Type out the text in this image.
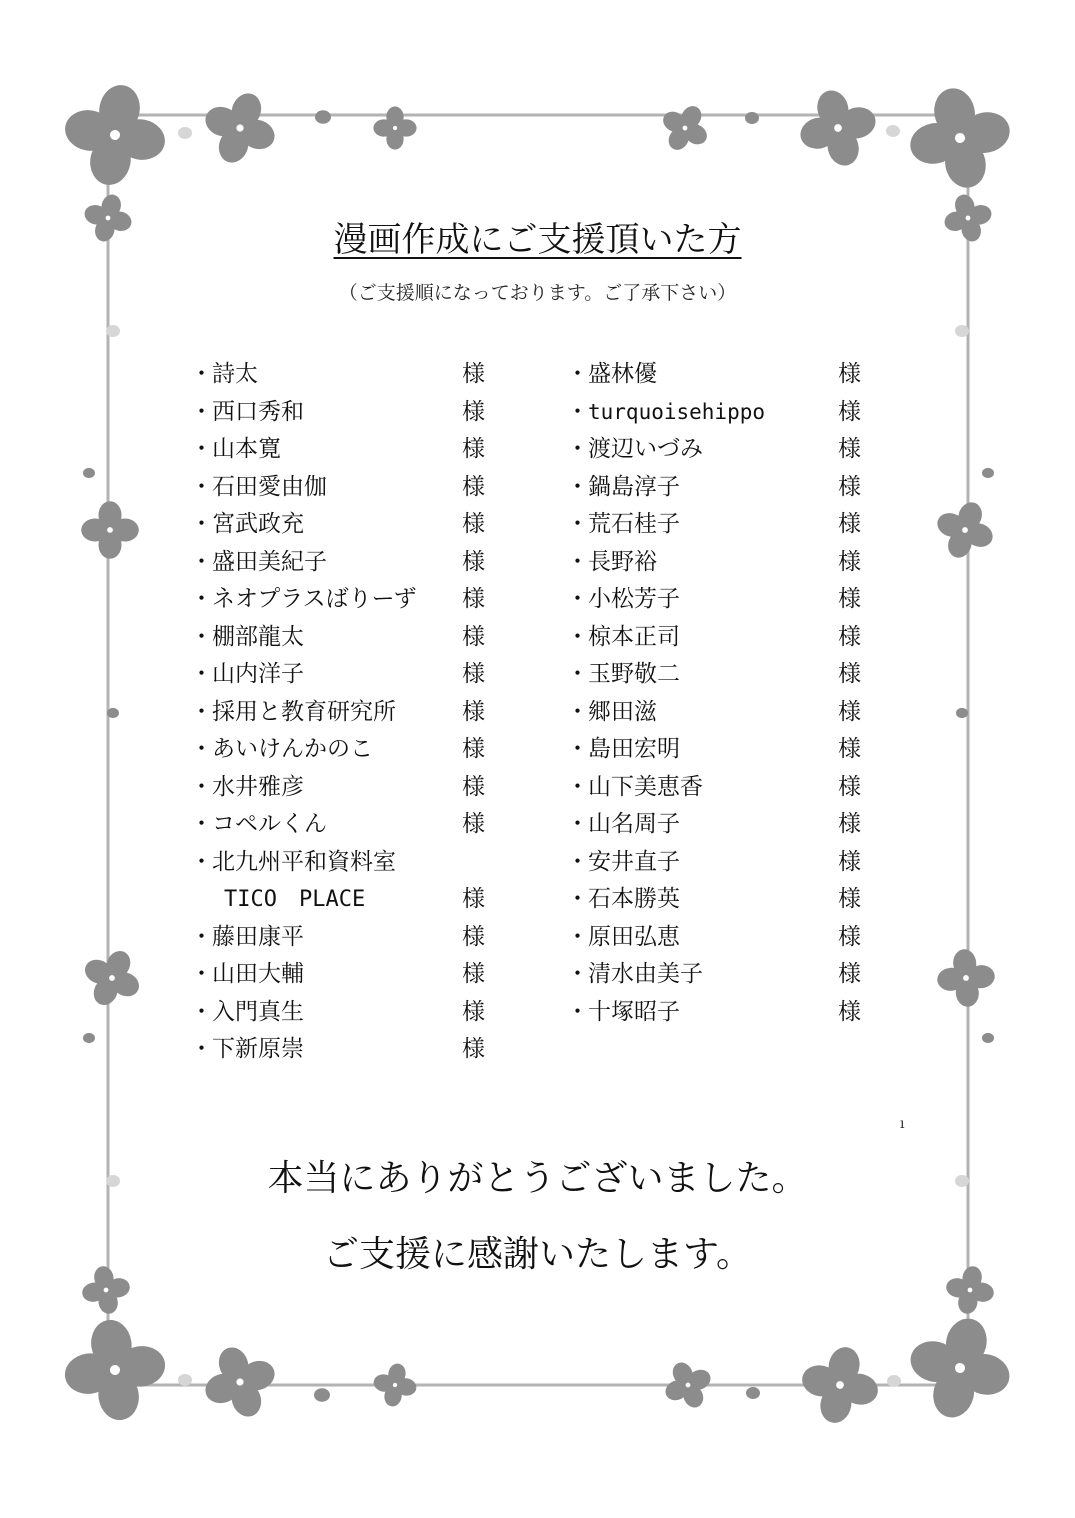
漫画作成にご支援頂いた方
（ご支援順になっております。ご了承下さい）
・ 詩太	様
・ 西口秀和	様
・ 山本寛	様
・ 石田愛由伽	様
・ 宮武政充	様
・ 盛田美紀子	様
・ ネオプラスばりーず 様
・ 棚部龍太	様
・ 山内洋子	様
・ 採用と教育研究所	様
・ あいけんかのこ	様
・ 水井雅彦	様
・ コペルくん	様
・ 北九州平和資料室
TICO　PLACE	様
・ 藤田康平	様
・ 山田大輔	様
・ 入門真生	様
・ 下新原崇	様
・ 盛林優	様
・ turquoisehippo	様
・ 渡辺いづみ	様
・ 鍋島淳子	様
・ 荒石桂子	様
・ 長野裕	様
・ 小松芳子	様
・ 椋本正司	様
・ 玉野敬二	様
・ 郷田滋	様
・ 島田宏明	様
・ 山下美恵香	様
・ 山名周子	様
・ 安井直子	様
・ 石本勝英	様
・ 原田弘恵	様
・ 清水由美子	様
・ 十塚昭子	様
ı
本当にありがとうございました。
ご支援に感謝いたします。
